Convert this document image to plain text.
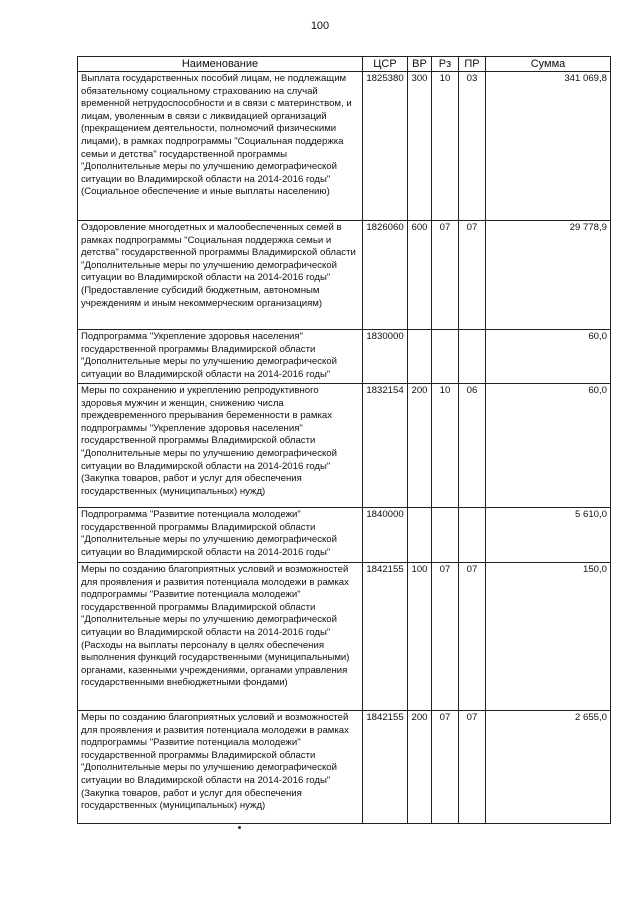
100
Наименование	ЦСР	ВР	Рз	ПР	Сумма
Выплата государственных пособий лицам, не подлежащим обязательному социальному страхованию на случай временной нетрудоспособности и в связи с материнством, и лицам, уволенным в связи с ликвидацией организаций (прекращением деятельности, полномочий физическими лицами), в рамках подпрограммы "Социальная поддержка семьи и детства" государственной программы "Дополнительные меры по улучшению демографической ситуации во Владимирской области на 2014-2016 годы" (Социальное обеспечение и иные выплаты населению)	1825380	300	10	03	341 069,8
Оздоровление многодетных и малообеспеченных семей в рамках подпрограммы "Социальная поддержка семьи и детства" государственной программы Владимирской области "Дополнительные меры по улучшению демографической ситуации во Владимирской области на 2014-2016 годы" (Предоставление субсидий бюджетным, автономным учреждениям и иным некоммерческим организациям)	1826060	600	07	07	29 778,9
Подпрограмма "Укрепление здоровья населения" государственной программы Владимирской области "Дополнительные меры по улучшению демографической ситуации во Владимирской области на 2014-2016 годы"	1830000				60,0
Меры по сохранению и укреплению репродуктивного здоровья мужчин и женщин, снижению числа преждевременного прерывания беременности в рамках подпрограммы "Укрепление здоровья населения" государственной программы Владимирской области "Дополнительные меры по улучшению демографической ситуации во Владимирской области на 2014-2016 годы" (Закупка товаров, работ и услуг для обеспечения государственных (муниципальных) нужд)	1832154	200	10	06	60,0
Подпрограмма "Развитие потенциала молодежи" государственной программы Владимирской области "Дополнительные меры по улучшению демографической ситуации во Владимирской области на 2014-2016 годы"	1840000				5 610,0
Меры по созданию благоприятных условий и возможностей для проявления и развития потенциала молодежи в рамках подпрограммы "Развитие потенциала молодежи" государственной программы Владимирской области "Дополнительные меры по улучшению демографической ситуации во Владимирской области на 2014-2016 годы" (Расходы на выплаты персоналу в целях обеспечения выполнения функций государственными (муниципальными) органами, казенными учреждениями, органами управления государственными внебюджетными фондами)	1842155	100	07	07	150,0
Меры по созданию благоприятных условий и возможностей для проявления и развития потенциала молодежи в рамках подпрограммы "Развитие потенциала молодежи" государственной программы Владимирской области "Дополнительные меры по улучшению демографической ситуации во Владимирской области на 2014-2016 годы" (Закупка товаров, работ и услуг для обеспечения государственных (муниципальных) нужд)	1842155	200	07	07	2 655,0
